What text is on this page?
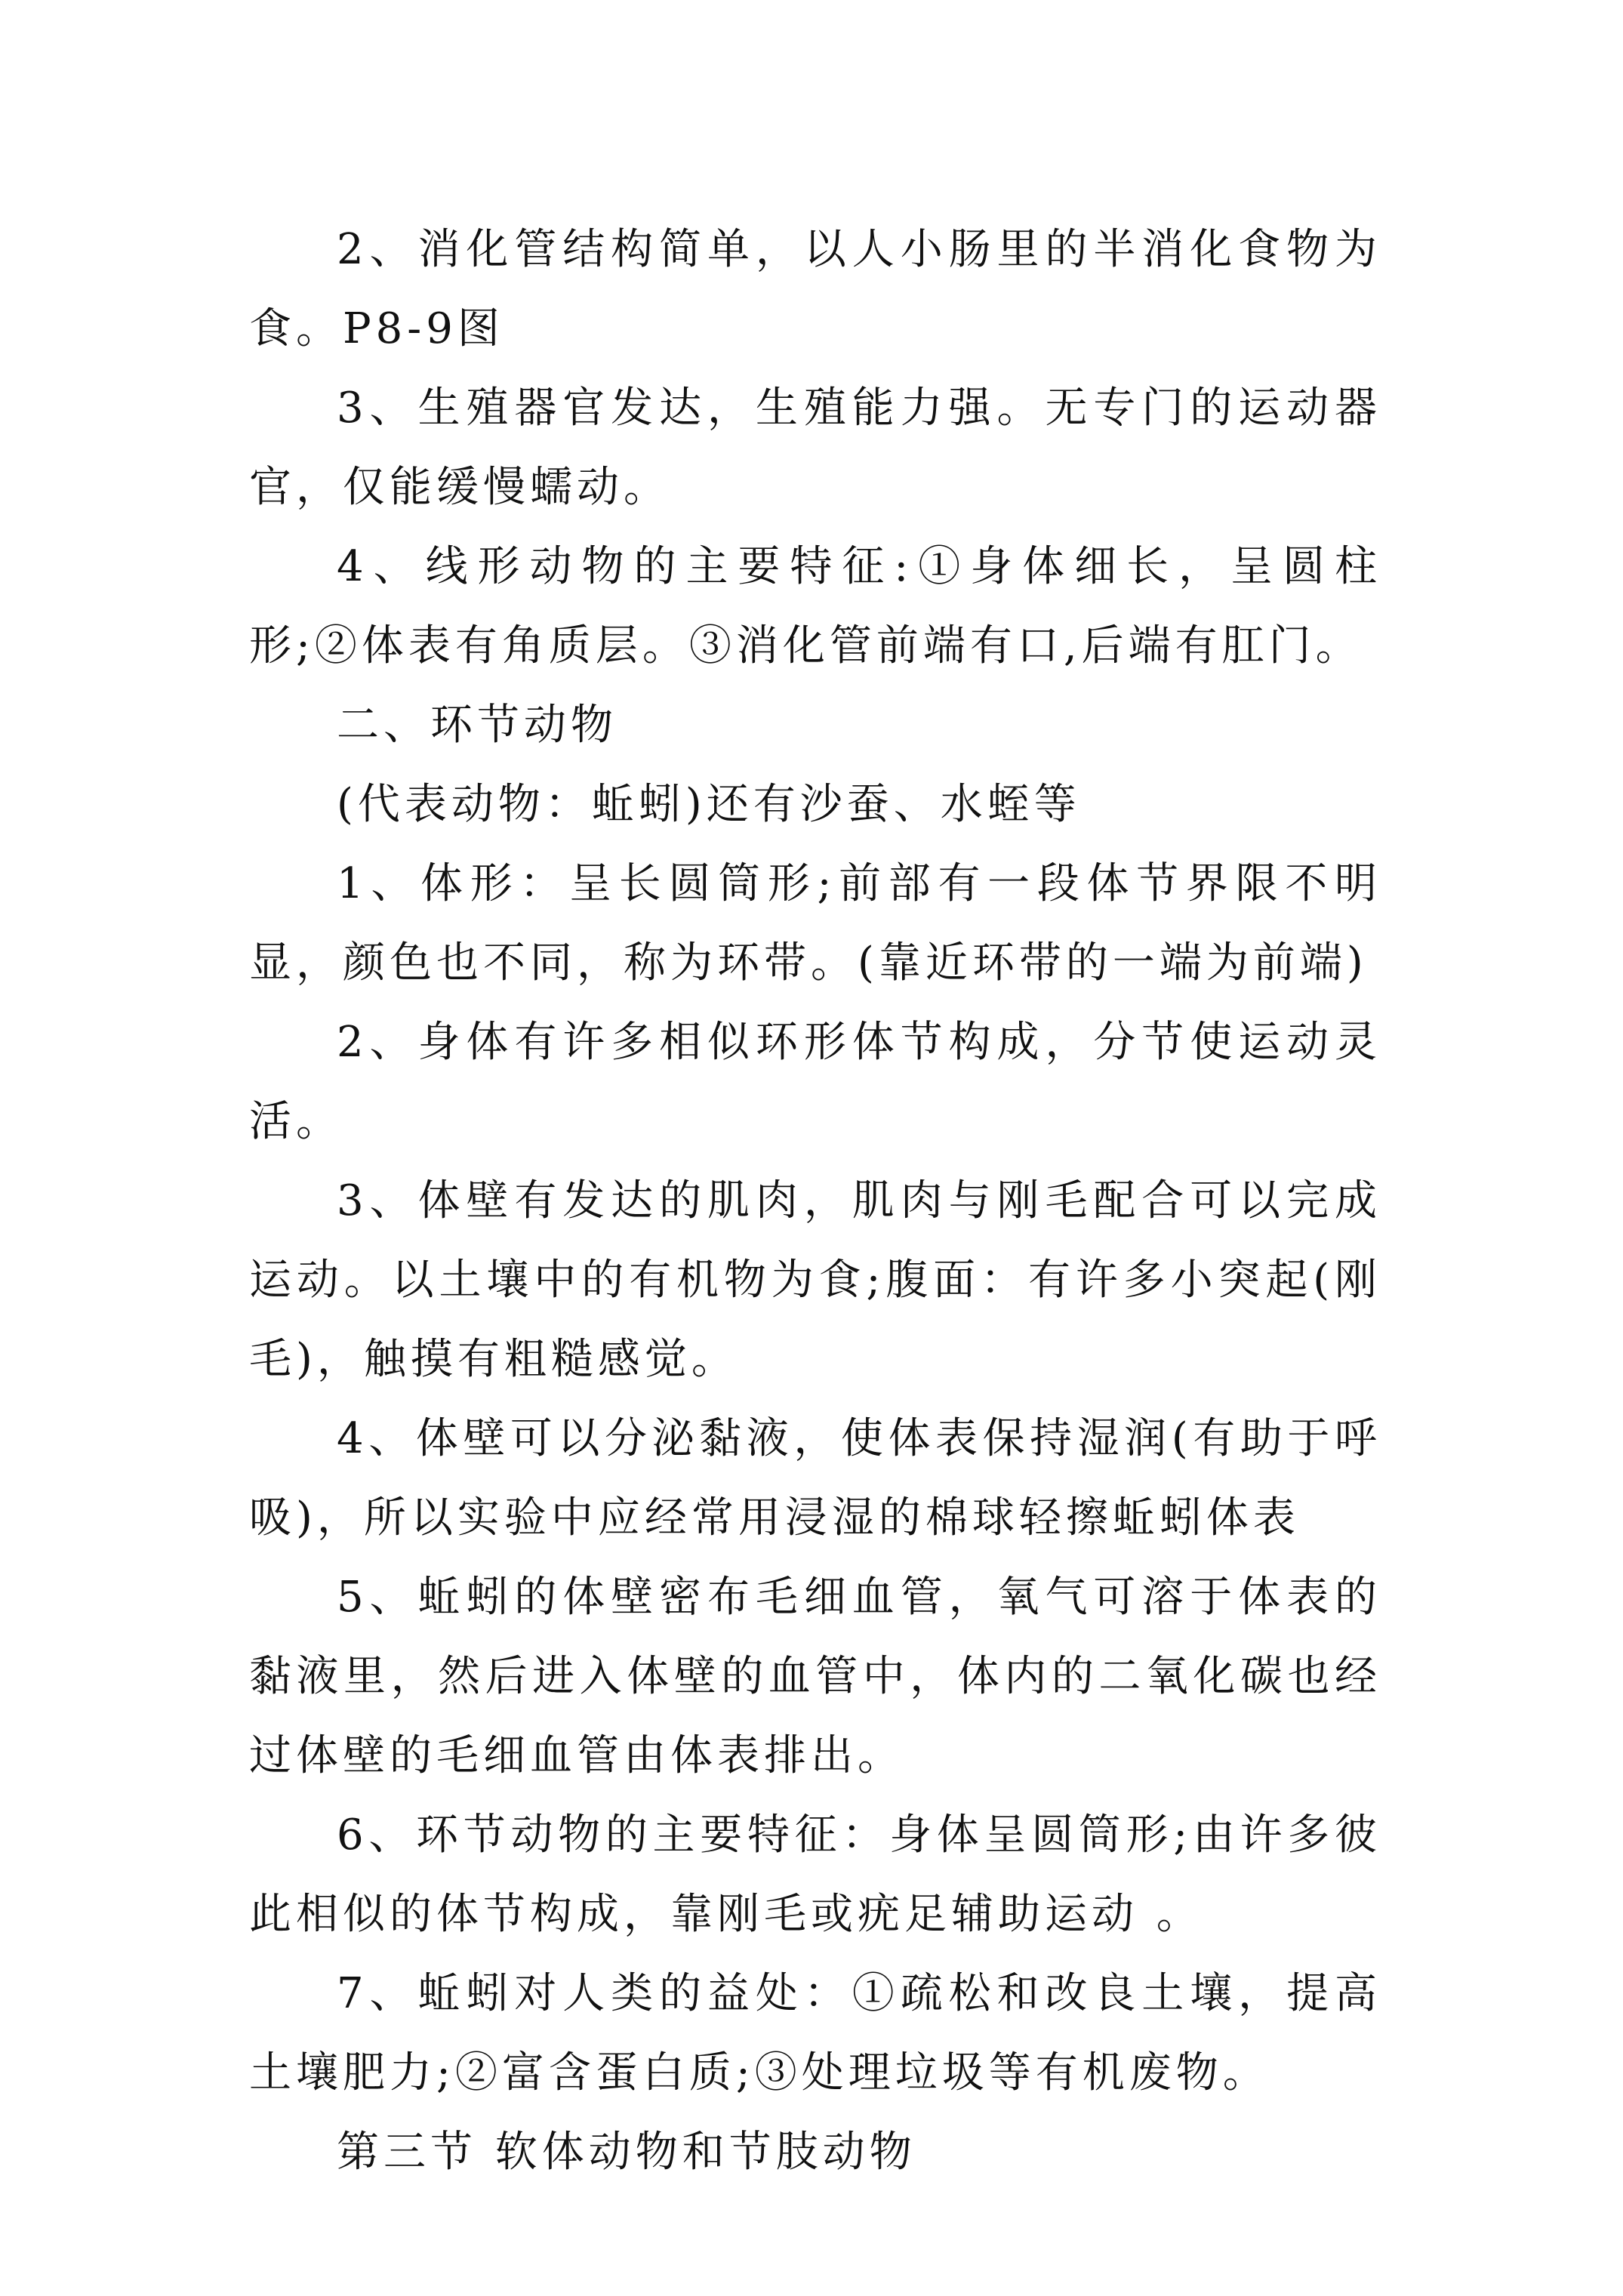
2、消化管结构简单，以人小肠里的半消化食物为食。P8-9图

3、生殖器官发达，生殖能力强。无专门的运动器官，仅能缓慢蠕动。

4、线形动物的主要特征:①身体细长，呈圆柱形;②体表有角质层。③消化管前端有口,后端有肛门。

二、环节动物

(代表动物：蚯蚓)还有沙蚕、水蛭等

1、体形：呈长圆筒形;前部有一段体节界限不明显，颜色也不同，称为环带。(靠近环带的一端为前端)

2、身体有许多相似环形体节构成，分节使运动灵活。

3、体壁有发达的肌肉，肌肉与刚毛配合可以完成运动。以土壤中的有机物为食;腹面：有许多小突起(刚毛)，触摸有粗糙感觉。

4、体壁可以分泌黏液，使体表保持湿润(有助于呼吸)，所以实验中应经常用浸湿的棉球轻擦蚯蚓体表

5、蚯蚓的体壁密布毛细血管，氧气可溶于体表的黏液里，然后进入体壁的血管中，体内的二氧化碳也经过体壁的毛细血管由体表排出。

6、环节动物的主要特征：身体呈圆筒形;由许多彼此相似的体节构成，靠刚毛或疣足辅助运动 。

7、蚯蚓对人类的益处：①疏松和改良土壤，提高土壤肥力;②富含蛋白质;③处理垃圾等有机废物。

第三节 软体动物和节肢动物
